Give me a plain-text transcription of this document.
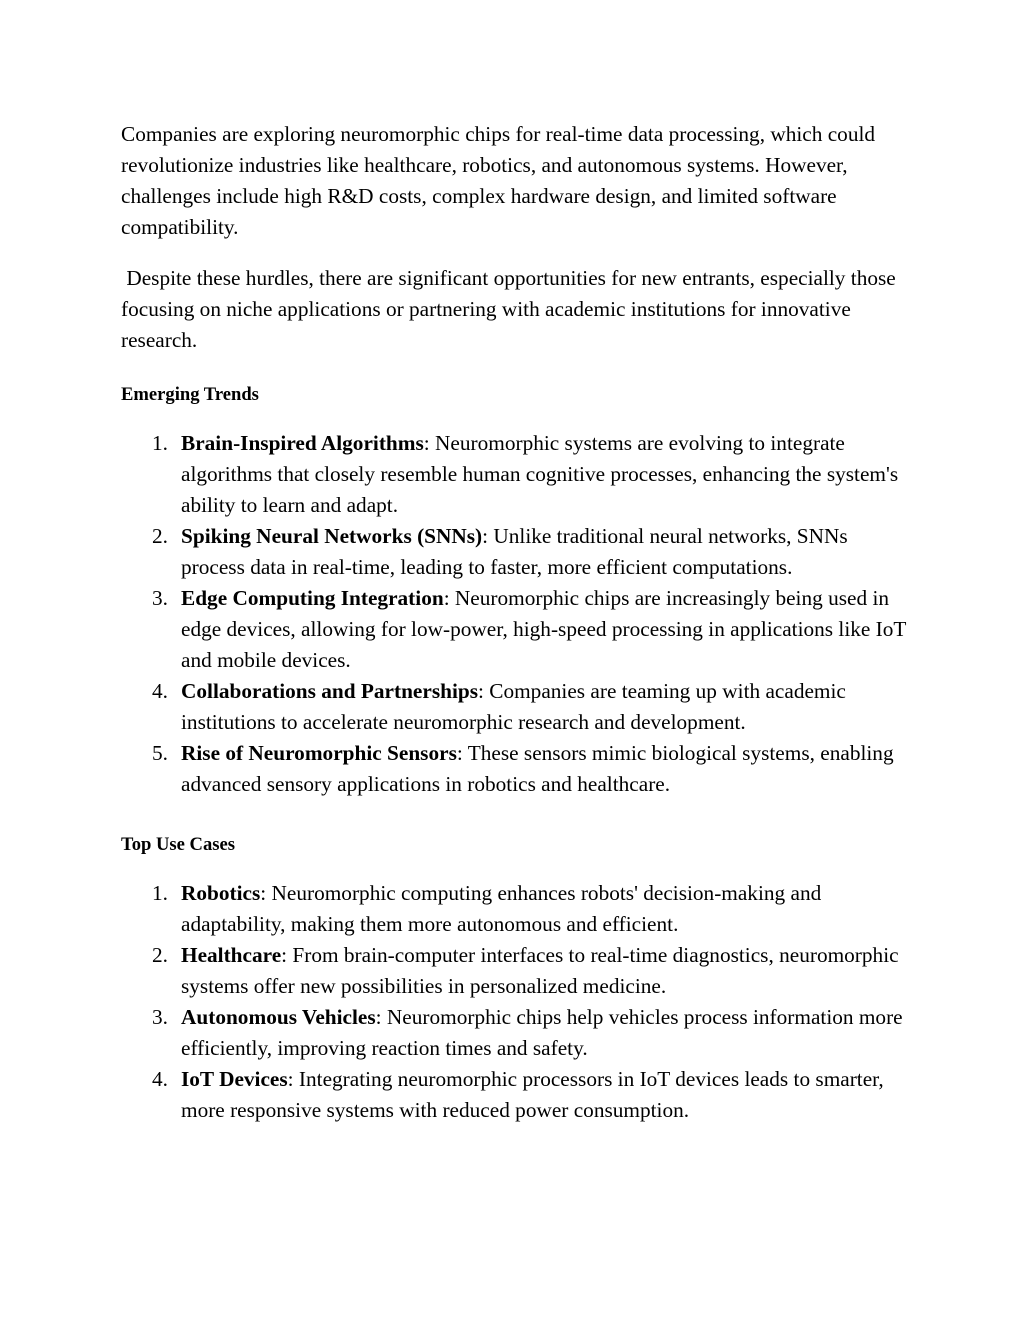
Companies are exploring neuromorphic chips for real-time data processing, which could revolutionize industries like healthcare, robotics, and autonomous systems. However, challenges include high R&D costs, complex hardware design, and limited software compatibility.

Despite these hurdles, there are significant opportunities for new entrants, especially those focusing on niche applications or partnering with academic institutions for innovative research.

Emerging Trends
1. Brain-Inspired Algorithms: Neuromorphic systems are evolving to integrate algorithms that closely resemble human cognitive processes, enhancing the system's ability to learn and adapt.
2. Spiking Neural Networks (SNNs): Unlike traditional neural networks, SNNs process data in real-time, leading to faster, more efficient computations.
3. Edge Computing Integration: Neuromorphic chips are increasingly being used in edge devices, allowing for low-power, high-speed processing in applications like IoT and mobile devices.
4. Collaborations and Partnerships: Companies are teaming up with academic institutions to accelerate neuromorphic research and development.
5. Rise of Neuromorphic Sensors: These sensors mimic biological systems, enabling advanced sensory applications in robotics and healthcare.
Top Use Cases
1. Robotics: Neuromorphic computing enhances robots' decision-making and adaptability, making them more autonomous and efficient.
2. Healthcare: From brain-computer interfaces to real-time diagnostics, neuromorphic systems offer new possibilities in personalized medicine.
3. Autonomous Vehicles: Neuromorphic chips help vehicles process information more efficiently, improving reaction times and safety.
4. IoT Devices: Integrating neuromorphic processors in IoT devices leads to smarter, more responsive systems with reduced power consumption.
